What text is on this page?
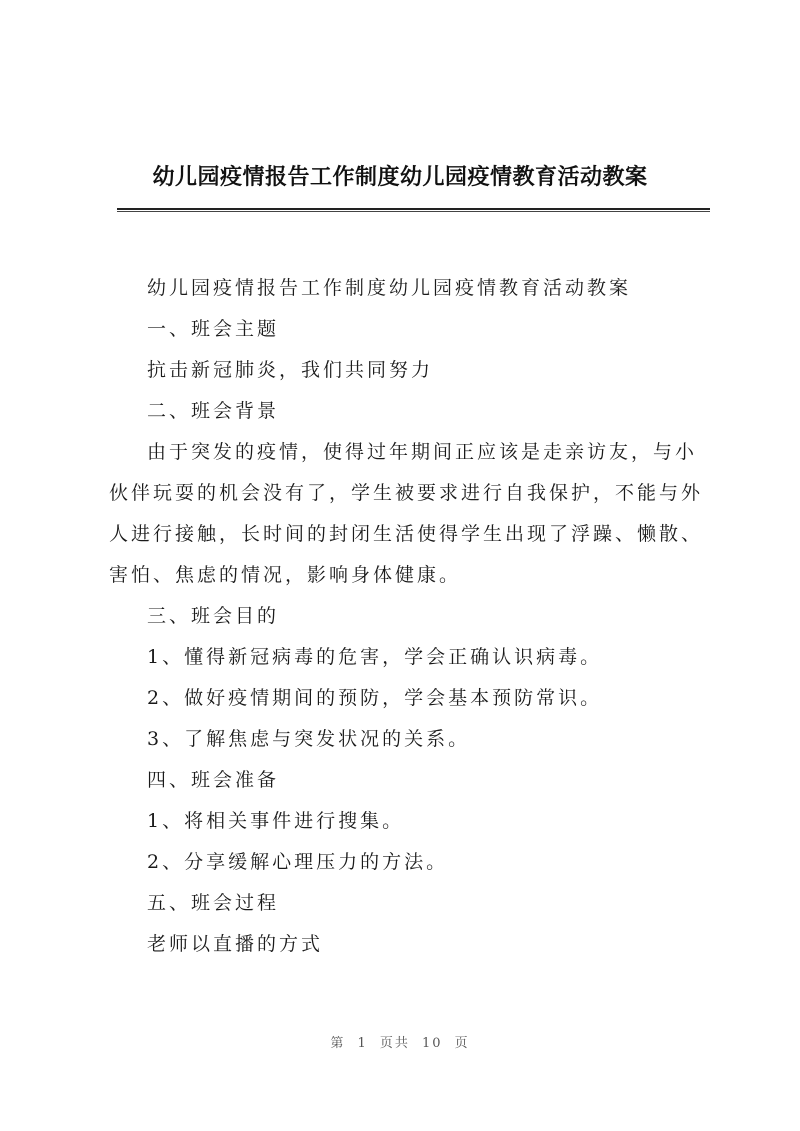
幼儿园疫情报告工作制度幼儿园疫情教育活动教案

幼儿园疫情报告工作制度幼儿园疫情教育活动教案

一、班会主题

抗击新冠肺炎，我们共同努力

二、班会背景

由于突发的疫情，使得过年期间正应该是走亲访友，与小伙伴玩耍的机会没有了，学生被要求进行自我保护，不能与外人进行接触，长时间的封闭生活使得学生出现了浮躁、懒散、害怕、焦虑的情况，影响身体健康。

三、班会目的

1、懂得新冠病毒的危害，学会正确认识病毒。

2、做好疫情期间的预防，学会基本预防常识。

3、了解焦虑与突发状况的关系。

四、班会准备

1、将相关事件进行搜集。

2、分享缓解心理压力的方法。

五、班会过程

老师以直播的方式

第 1 页共 10 页
